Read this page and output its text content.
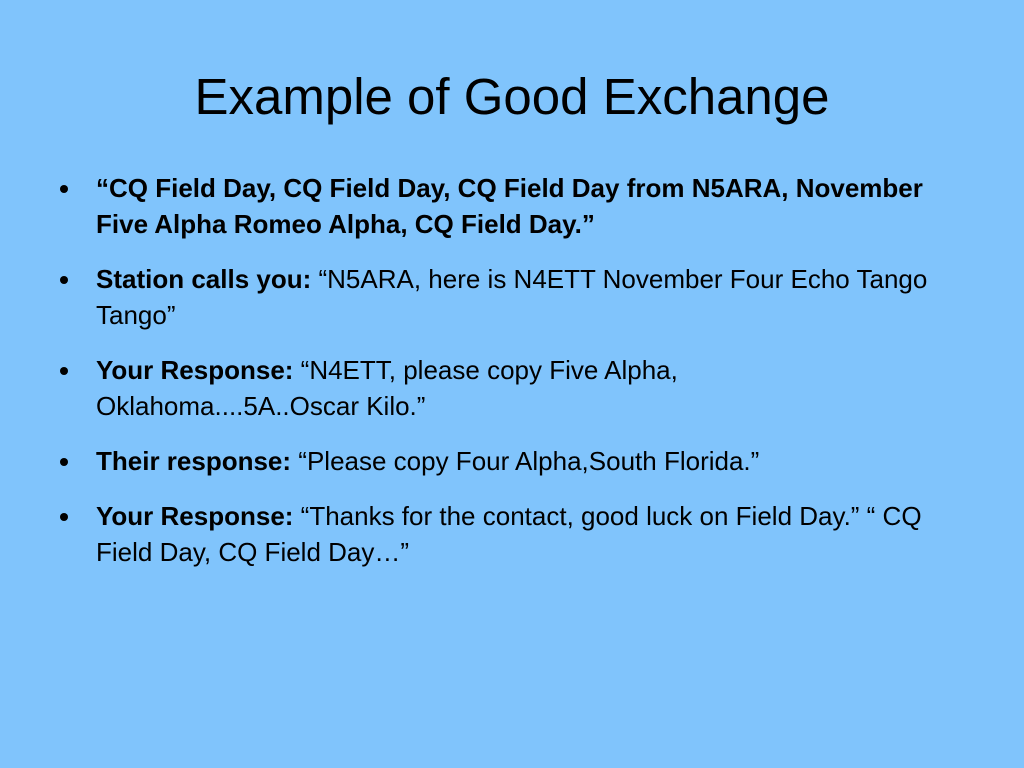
Example of Good Exchange
“CQ Field Day, CQ Field Day, CQ Field Day from N5ARA, November Five Alpha Romeo Alpha, CQ Field Day.”
Station calls you: “N5ARA, here is N4ETT November Four Echo Tango Tango”
Your Response: “N4ETT, please copy Five Alpha, Oklahoma....5A..Oscar Kilo.”
Their response: “Please copy Four Alpha,South Florida.”
Your Response: “Thanks for the contact, good luck on Field Day.” “ CQ Field Day, CQ Field Day…”
